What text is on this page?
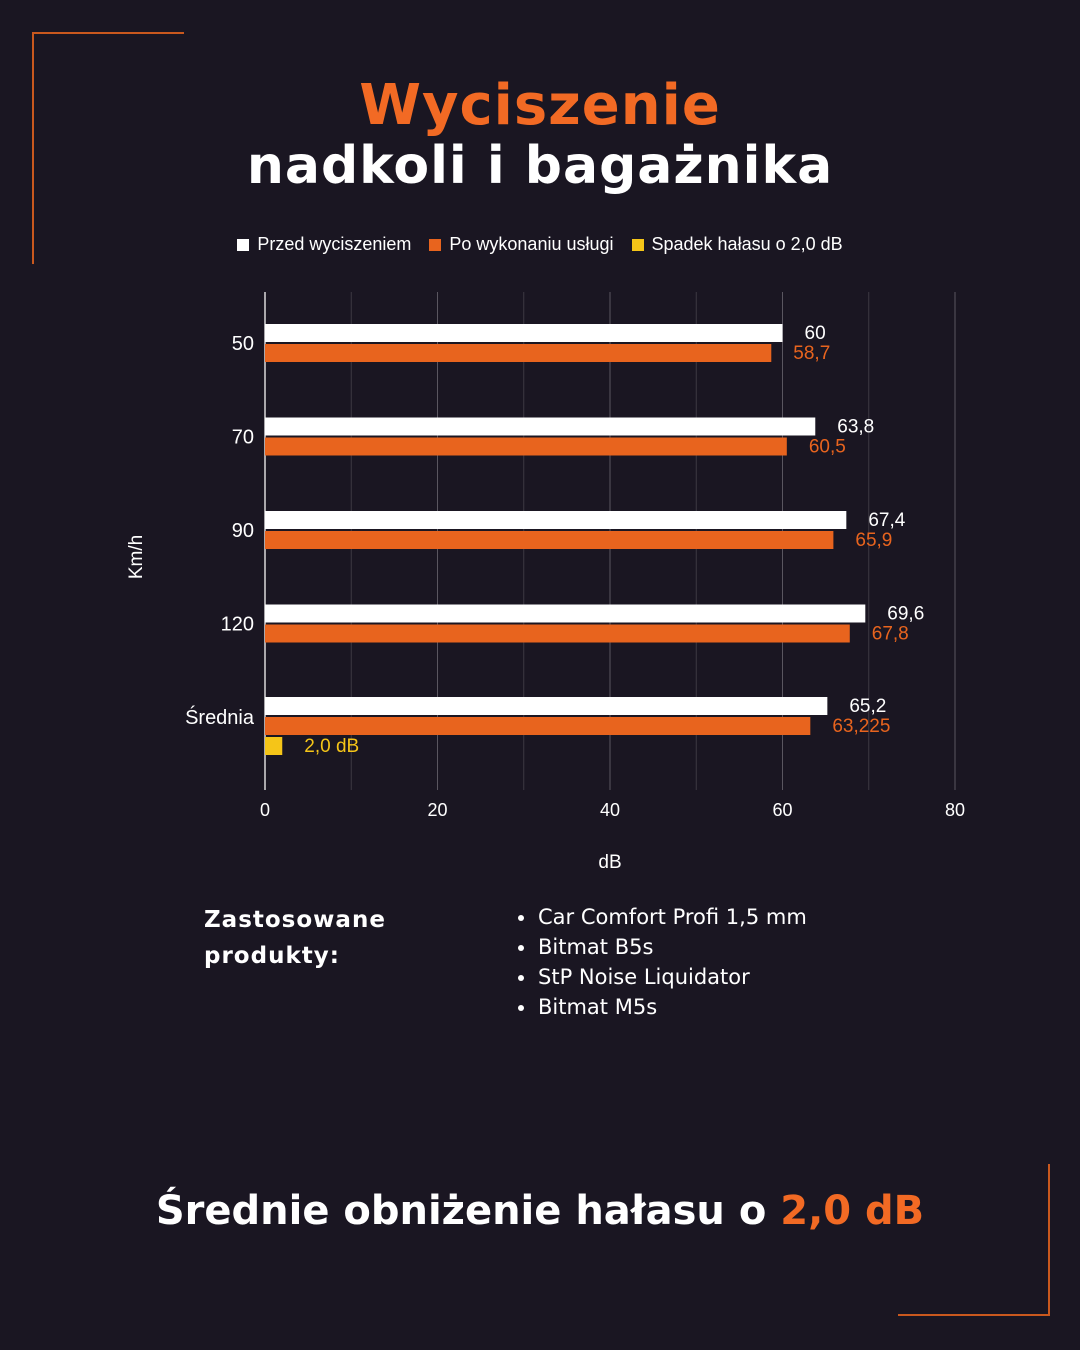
Wyciszenie
nadkoli i bagażnika
Przed wyciszeniem Po wykonaniu usługi Spadek hałasu o 2,0 dB
0	20	40	60	80
50	60
58,7
70	63,8
60,5
90	67,4
65,9
120	69,6
67,8
Średnia
65,2
63,225
2,0 dB
dB
Km/h
Zastosowane produkty:
Car Comfort Profi 1,5 mm
Bitmat B5s
StP Noise Liquidator
Bitmat M5s
Średnie obniżenie hałasu o 2,0 dB
